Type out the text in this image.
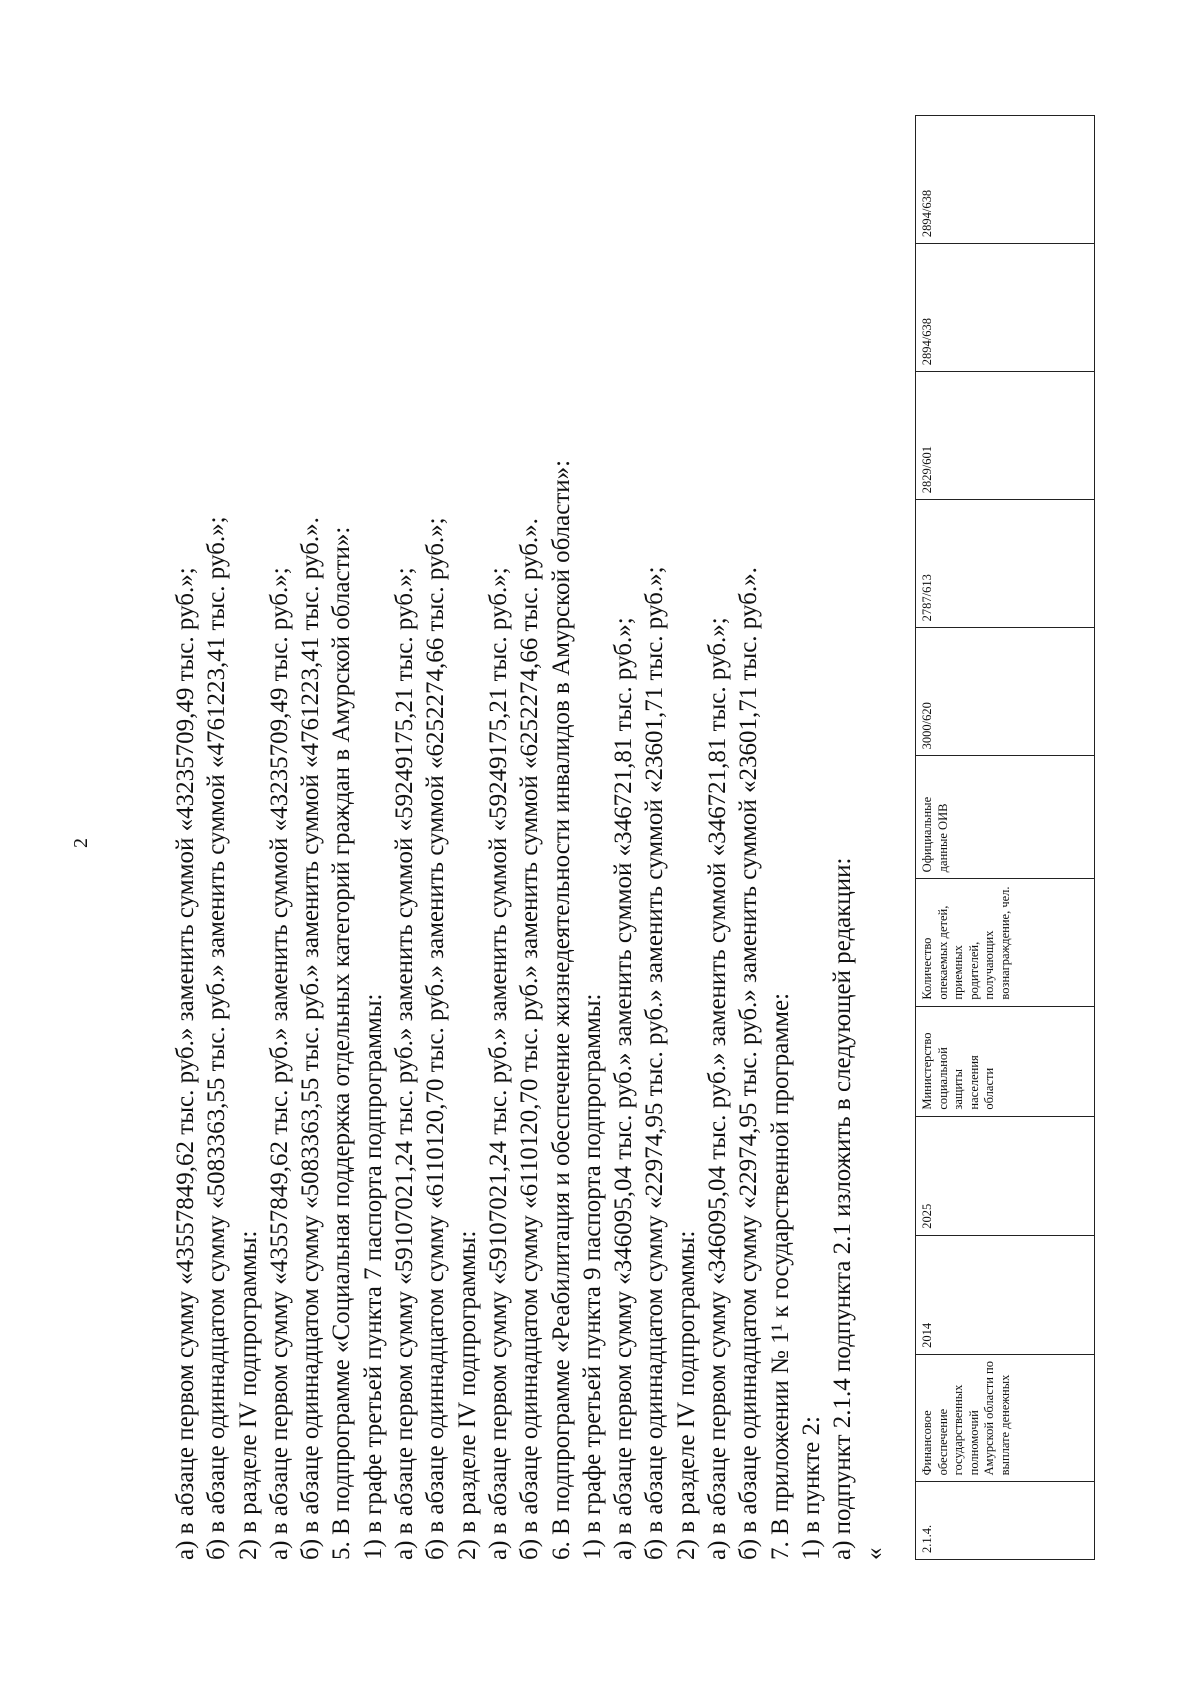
2	а) в абзаце первом сумму «43557849,62 тыс. руб.» заменить суммой «43235709,49 тыс. руб.»; б) в абзаце одиннадцатом сумму «5083363,55 тыс. руб.» заменить суммой «4761223,41 тыс. руб.»; 2) в разделе IV подпрограммы: а) в абзаце первом сумму «43557849,62 тыс. руб.» заменить суммой «43235709,49 тыс. руб.»; б) в абзаце одиннадцатом сумму «5083363,55 тыс. руб.» заменить суммой «4761223,41 тыс. руб.». 5. В подпрограмме «Социальная поддержка отдельных категорий граждан в Амурской области»: 1) в графе третьей пункта 7 паспорта подпрограммы: а) в абзаце первом сумму «59107021,24 тыс. руб.» заменить суммой «59249175,21 тыс. руб.»; б) в абзаце одиннадцатом сумму «6110120,70 тыс. руб.» заменить суммой «6252274,66 тыс. руб.»; 2) в разделе IV подпрограммы: а) в абзаце первом сумму «59107021,24 тыс. руб.» заменить суммой «59249175,21 тыс. руб.»; б) в абзаце одиннадцатом сумму «6110120,70 тыс. руб.» заменить суммой «6252274,66 тыс. руб.». 6. В подпрограмме «Реабилитация и обеспечение жизнедеятельности инвалидов в Амурской области»: 1) в графе третьей пункта 9 паспорта подпрограммы: а) в абзаце первом сумму «346095,04 тыс. руб.» заменить суммой «346721,81 тыс. руб.»; б) в абзаце одиннадцатом сумму «22974,95 тыс. руб.» заменить суммой «23601,71 тыс. руб.»; 2) в разделе IV подпрограммы: а) в абзаце первом сумму «346095,04 тыс. руб.» заменить суммой «346721,81 тыс. руб.»; б) в абзаце одиннадцатом сумму «22974,95 тыс. руб.» заменить суммой «23601,71 тыс. руб.». 7. В приложении № 1¹ к государственной программе: 1) в пункте 2: а) подпункт 2.1.4 подпункта 2.1 изложить в следующей редакции: «
2.1.4.	Финансовое обеспечение государственных полномочий Амурской области по выплате денежных	2014	2025	Министерство социальной защиты населения области	Количество опекаемых детей, приемных родителей, получающих вознаграждение, чел.	Официальные данные ОИВ	3000/620	2787/613	2829/601	2894/638	2894/638
